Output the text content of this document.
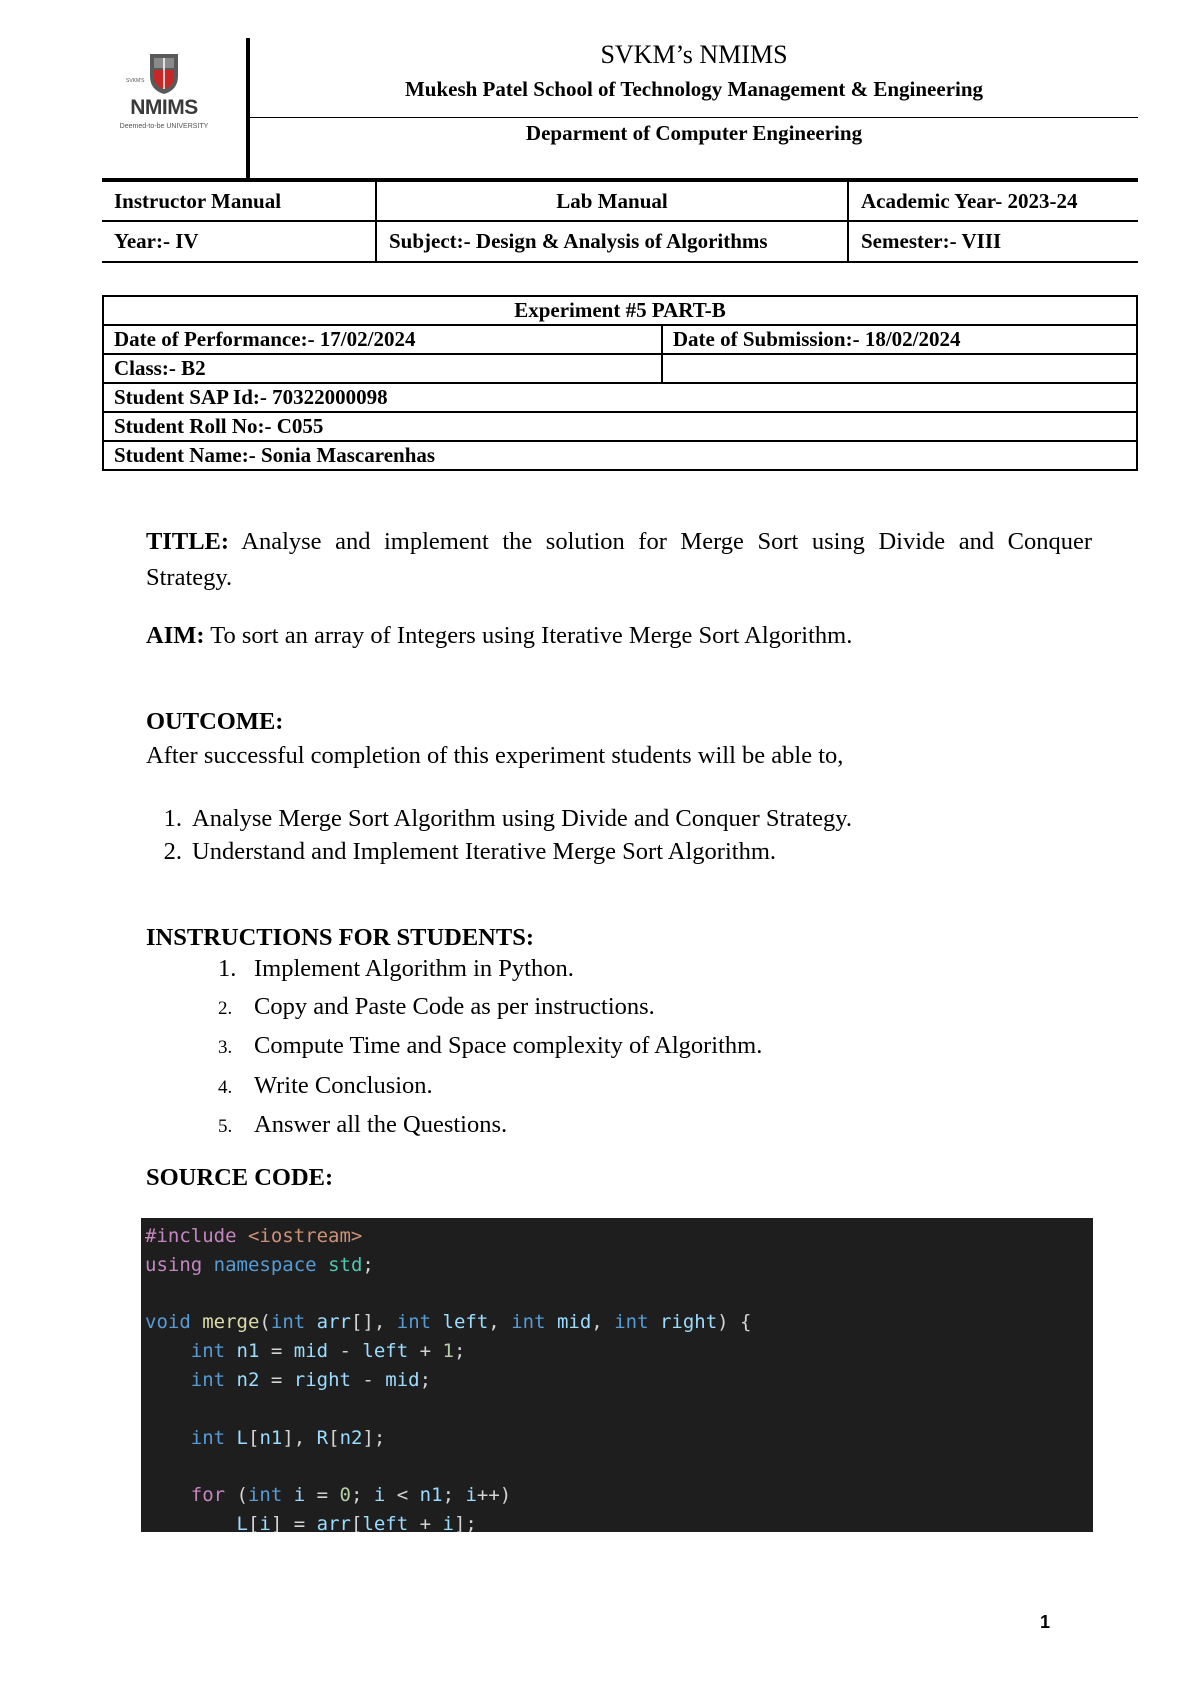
SVKM'S
NMIMS
Deemed-to-be UNIVERSITY
SVKM’s NMIMS
Mukesh Patel School of Technology Management & Engineering
Deparment of Computer Engineering
Instructor Manual	Lab Manual	Academic Year- 2023-24
Year:- IV	Subject:- Design & Analysis of Algorithms	Semester:- VIII
Experiment #5 PART-B	
Date of Performance:- 17/02/2024	Date of Submission:- 18/02/2024
Class:- B2	
Student SAP Id:- 70322000098	
Student Roll No:- C055	
Student Name:- Sonia Mascarenhas	
TITLE: Analyse and implement the solution for Merge Sort using Divide and Conquer Strategy.
AIM: To sort an array of Integers using Iterative Merge Sort Algorithm.
OUTCOME:
After successful completion of this experiment students will be able to,
1. Analyse Merge Sort Algorithm using Divide and Conquer Strategy.
2. Understand and Implement Iterative Merge Sort Algorithm.
INSTRUCTIONS FOR STUDENTS:
1. Implement Algorithm in Python.
2. Copy and Paste Code as per instructions.
3. Compute Time and Space complexity of Algorithm.
4. Write Conclusion.
5. Answer all the Questions.
SOURCE CODE:
#include <iostream>
using namespace std;
void merge(int arr[], int left, int mid, int right) {
int n1 = mid - left + 1;
int n2 = right - mid;
int L[n1], R[n2];
for (int i = 0; i < n1; i++)
L[i] = arr[left + i];
1
